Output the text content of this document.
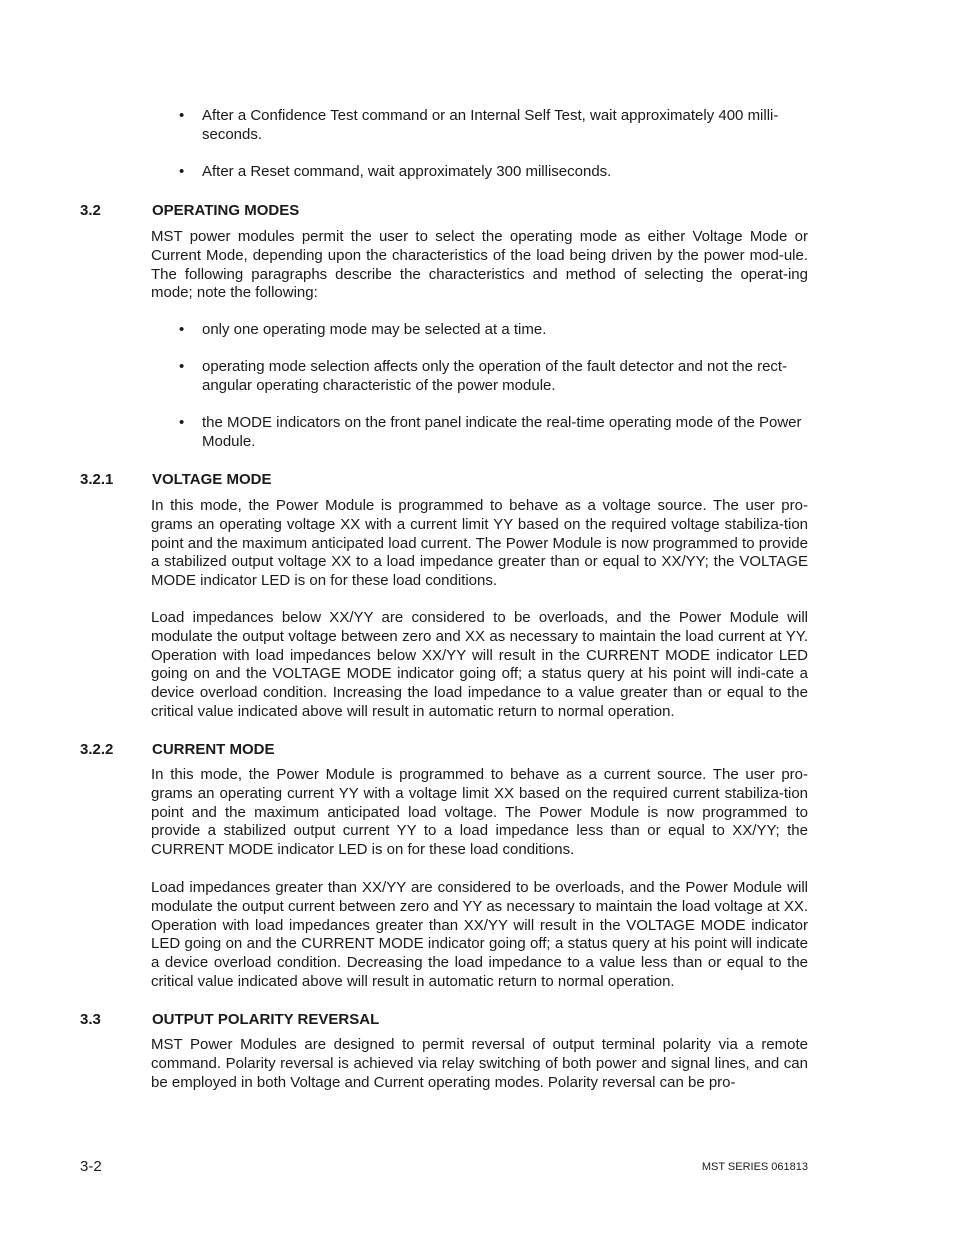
• After a Confidence Test command or an Internal Self Test, wait approximately 400 milli-seconds.
• After a Reset command, wait approximately 300 milliseconds.
3.2	OPERATING MODES
MST power modules permit the user to select the operating mode as either Voltage Mode or Current Mode, depending upon the characteristics of the load being driven by the power mod-ule. The following paragraphs describe the characteristics and method of selecting the operat-ing mode; note the following:
• only one operating mode may be selected at a time.
• operating mode selection affects only the operation of the fault detector and not the rect-angular operating characteristic of the power module.
• the MODE indicators on the front panel indicate the real-time operating mode of the Power Module.
3.2.1	VOLTAGE MODE
In this mode, the Power Module is programmed to behave as a voltage source. The user pro-grams an operating voltage XX with a current limit YY based on the required voltage stabiliza-tion point and the maximum anticipated load current. The Power Module is now programmed to provide a stabilized output voltage XX to a load impedance greater than or equal to XX/YY; the VOLTAGE MODE indicator LED is on for these load conditions.
Load impedances below XX/YY are considered to be overloads, and the Power Module will modulate the output voltage between zero and XX as necessary to maintain the load current at YY. Operation with load impedances below XX/YY will result in the CURRENT MODE indicator LED going on and the VOLTAGE MODE indicator going off; a status query at his point will indi-cate a device overload condition. Increasing the load impedance to a value greater than or equal to the critical value indicated above will result in automatic return to normal operation.
3.2.2	CURRENT MODE
In this mode, the Power Module is programmed to behave as a current source. The user pro-grams an operating current YY with a voltage limit XX based on the required current stabiliza-tion point and the maximum anticipated load voltage. The Power Module is now programmed to provide a stabilized output current YY to a load impedance less than or equal to XX/YY; the CURRENT MODE indicator LED is on for these load conditions.
Load impedances greater than XX/YY are considered to be overloads, and the Power Module will modulate the output current between zero and YY as necessary to maintain the load voltage at XX. Operation with load impedances greater than XX/YY will result in the VOLTAGE MODE indicator LED going on and the CURRENT MODE indicator going off; a status query at his point will indicate a device overload condition. Decreasing the load impedance to a value less than or equal to the critical value indicated above will result in automatic return to normal operation.
3.3	OUTPUT POLARITY REVERSAL
MST Power Modules are designed to permit reversal of output terminal polarity via a remote command. Polarity reversal is achieved via relay switching of both power and signal lines, and can be employed in both Voltage and Current operating modes. Polarity reversal can be pro-
3-2	MST SERIES 061813
